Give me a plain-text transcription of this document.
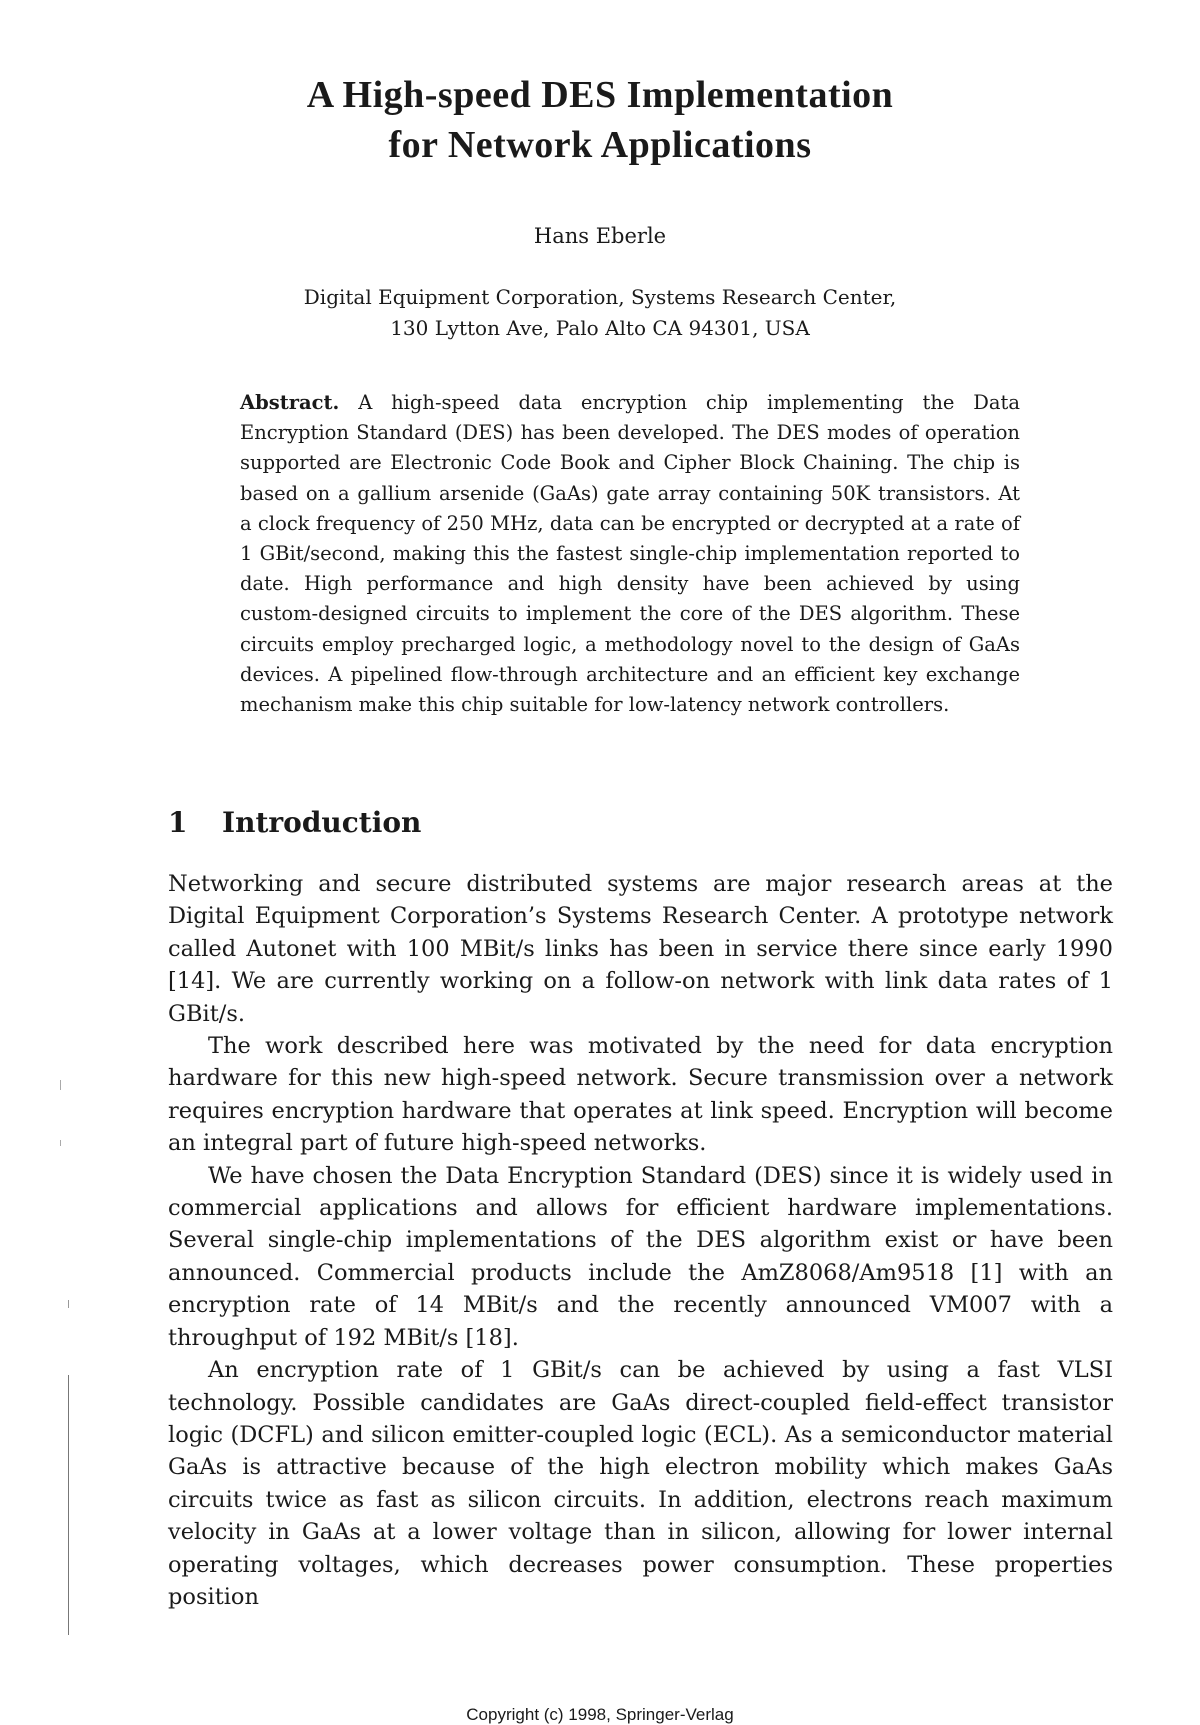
A High-speed DES Implementation
for Network Applications
Hans Eberle
Digital Equipment Corporation, Systems Research Center,
130 Lytton Ave, Palo Alto CA 94301, USA
Abstract. A high-speed data encryption chip implementing the Data Encryption Standard (DES) has been developed. The DES modes of operation supported are Electronic Code Book and Cipher Block Chaining. The chip is based on a gallium arsenide (GaAs) gate array containing 50K transistors. At a clock frequency of 250 MHz, data can be encrypted or decrypted at a rate of 1 GBit/second, making this the fastest single-chip implementation reported to date. High performance and high density have been achieved by using custom-designed circuits to implement the core of the DES algorithm. These circuits employ precharged logic, a methodology novel to the design of GaAs devices. A pipelined flow-through architecture and an efficient key exchange mechanism make this chip suitable for low-latency network controllers.
1 Introduction

Networking and secure distributed systems are major research areas at the Digital Equipment Corporation’s Systems Research Center. A prototype network called Autonet with 100 MBit/s links has been in service there since early 1990 [14]. We are currently working on a follow-on network with link data rates of 1 GBit/s.

The work described here was motivated by the need for data encryption hardware for this new high-speed network. Secure transmission over a network requires encryption hardware that operates at link speed. Encryption will become an integral part of future high-speed networks.

We have chosen the Data Encryption Standard (DES) since it is widely used in commercial applications and allows for efficient hardware implementations. Several single-chip implementations of the DES algorithm exist or have been announced. Commercial products include the AmZ8068/Am9518 [1] with an encryption rate of 14 MBit/s and the recently announced VM007 with a throughput of 192 MBit/s [18].

An encryption rate of 1 GBit/s can be achieved by using a fast VLSI technology. Possible candidates are GaAs direct-coupled field-effect transistor logic (DCFL) and silicon emitter-coupled logic (ECL). As a semiconductor material GaAs is attractive because of the high electron mobility which makes GaAs circuits twice as fast as silicon circuits. In addition, electrons reach maximum velocity in GaAs at a lower voltage than in silicon, allowing for lower internal operating voltages, which decreases power consumption. These properties position

Copyright (c) 1998, Springer-Verlag
